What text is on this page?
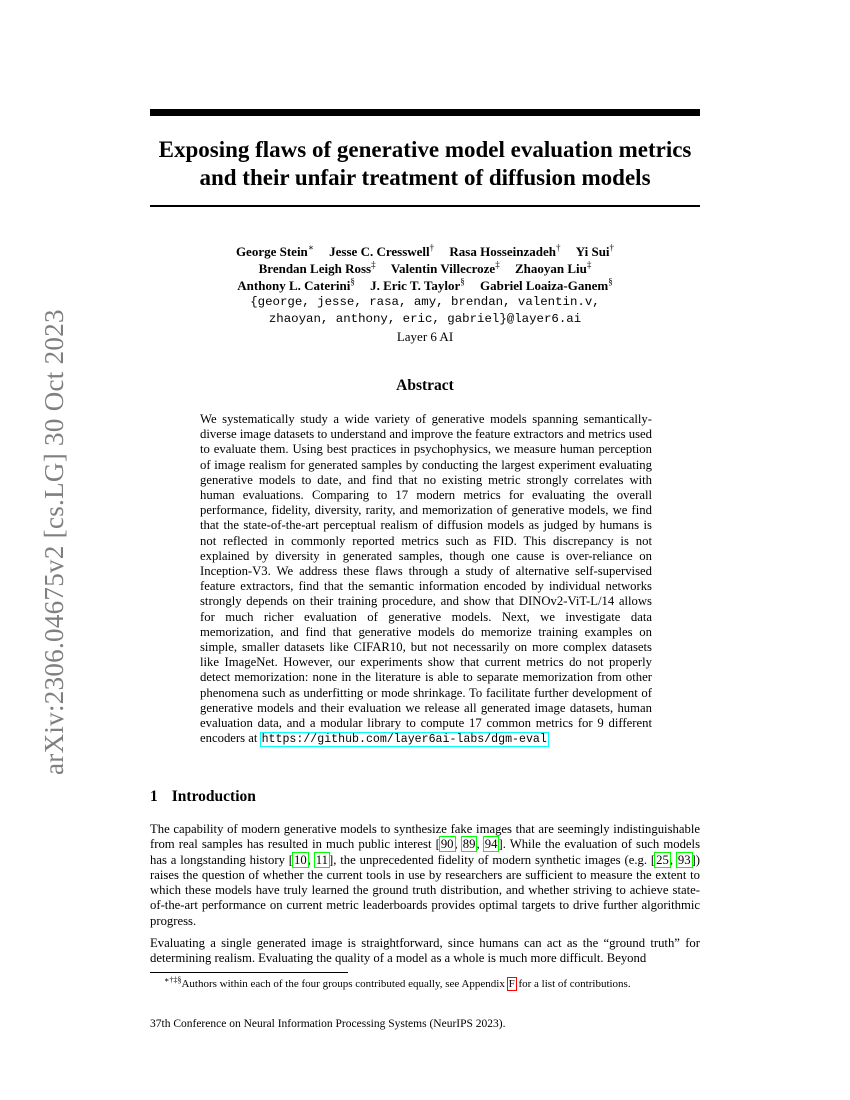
arXiv:2306.04675v2 [cs.LG] 30 Oct 2023
Exposing flaws of generative model evaluation metrics
and their unfair treatment of diffusion models
George Stein∗ Jesse C. Cresswell† Rasa Hosseinzadeh† Yi Sui†
Brendan Leigh Ross‡ Valentin Villecroze‡ Zhaoyan Liu‡
Anthony L. Caterini§ J. Eric T. Taylor§ Gabriel Loaiza-Ganem§
{george, jesse, rasa, amy, brendan, valentin.v,
zhaoyan, anthony, eric, gabriel}@layer6.ai
Layer 6 AI
Abstract

We systematically study a wide variety of generative models spanning semantically-diverse image datasets to understand and improve the feature extractors and metrics used to evaluate them. Using best practices in psychophysics, we measure human perception of image realism for generated samples by conducting the largest experiment evaluating generative models to date, and find that no existing metric strongly correlates with human evaluations. Comparing to 17 modern metrics for evaluating the overall performance, fidelity, diversity, rarity, and memorization of generative models, we find that the state-of-the-art perceptual realism of diffusion models as judged by humans is not reflected in commonly reported metrics such as FID. This discrepancy is not explained by diversity in generated samples, though one cause is over-reliance on Inception-V3. We address these flaws through a study of alternative self-supervised feature extractors, find that the semantic information encoded by individual networks strongly depends on their training procedure, and show that DINOv2-ViT-L/14 allows for much richer evaluation of generative models. Next, we investigate data memorization, and find that generative models do memorize training examples on simple, smaller datasets like CIFAR10, but not necessarily on more complex datasets like ImageNet. However, our experiments show that current metrics do not properly detect memorization: none in the literature is able to separate memorization from other phenomena such as underfitting or mode shrinkage. To facilitate further development of generative models and their evaluation we release all generated image datasets, human evaluation data, and a modular library to compute 17 common metrics for 9 different encoders at https://github.com/layer6ai-labs/dgm-eval

1 Introduction

The capability of modern generative models to synthesize fake images that are seemingly indistinguishable from real samples has resulted in much public interest [90, 89, 94]. While the evaluation of such models has a longstanding history [10, 11], the unprecedented fidelity of modern synthetic images (e.g. [25, 93]) raises the question of whether the current tools in use by researchers are sufficient to measure the extent to which these models have truly learned the ground truth distribution, and whether striving to achieve state-of-the-art performance on current metric leaderboards provides optimal targets to drive further algorithmic progress.

Evaluating a single generated image is straightforward, since humans can act as the “ground truth” for determining realism. Evaluating the quality of a model as a whole is much more difficult. Beyond

∗†‡§Authors within each of the four groups contributed equally, see Appendix F for a list of contributions.
37th Conference on Neural Information Processing Systems (NeurIPS 2023).
